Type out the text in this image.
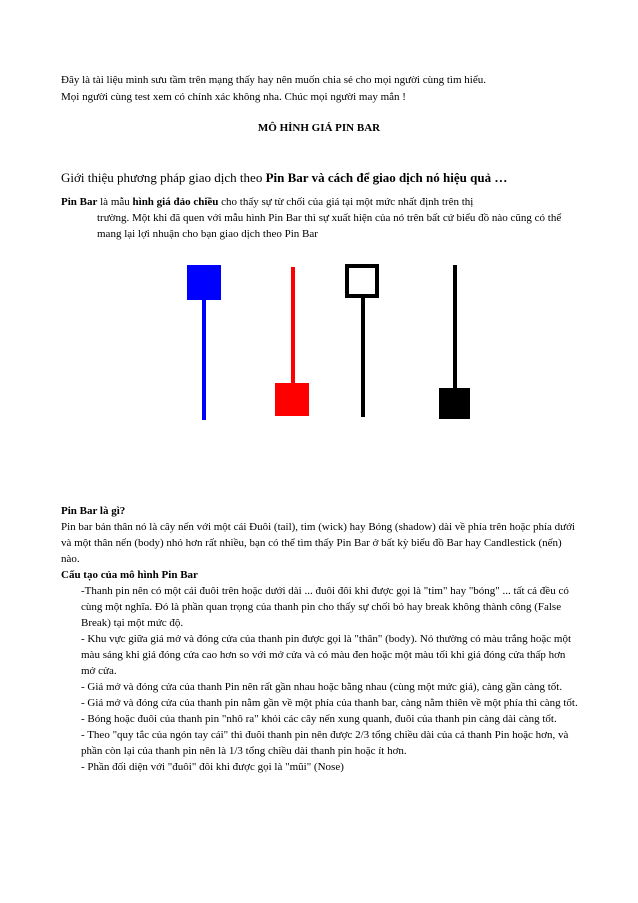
Đây là tài liệu mình sưu tầm trên mạng thấy hay nên muốn chia sẻ cho mọi người cùng tìm hiểu.
Mọi người cùng test xem có chính xác không nha. Chúc mọi người may mắn !
MÔ HÌNH GIÁ PIN BAR
Giới thiệu phương pháp giao dịch theo Pin Bar và cách để giao dịch nó hiệu quả …
Pin Bar là mẫu hình giá đảo chiều cho thấy sự từ chối của giá tại một mức nhất định trên thị
trường. Một khi đã quen với mẫu hình Pin Bar thì sự xuất hiện của nó trên bất cứ biểu đồ nào cũng có thể mang lại lợi nhuận cho bạn giao dịch theo Pin Bar
Pin Bar là gì?
Pin bar bản thân nó là cây nến với một cái Đuôi (tail), tim (wick) hay Bóng (shadow) dài về phía trên hoặc phía dưới và một thân nến (body) nhỏ hơn rất nhiều, bạn có thể tìm thấy Pin Bar ở bất kỳ biểu đồ Bar hay Candlestick (nến) nào.
Cấu tạo của mô hình Pin Bar
-Thanh pin nên có một cái đuôi trên hoặc dưới dài ... đuôi đôi khi được gọi là "tim" hay "bóng" ... tất cả đều có cùng một nghĩa. Đó là phần quan trọng của thanh pin cho thấy sự chối bỏ hay break không thành công (False Break) tại một mức độ.
- Khu vực giữa giá mở và đóng cửa của thanh pin được gọi là "thân" (body). Nó thường có màu trắng hoặc một màu sáng khi giá đóng cửa cao hơn so với mở cửa và có màu đen hoặc một màu tối khi giá đóng cửa thấp hơn mở cửa.
- Giá mở và đóng cửa của thanh Pin nên rất gần nhau hoặc bằng nhau (cùng một mức giá), càng gần càng tốt.
- Giá mở và đóng cửa của thanh pin nằm gần về một phía của thanh bar, càng nằm thiên về một phía thì càng tốt.
- Bóng hoặc đuôi của thanh pin "nhô ra" khỏi các cây nến xung quanh, đuôi của thanh pin càng dài càng tốt.
- Theo "quy tắc của ngón tay cái" thì đuôi thanh pin nên được 2/3 tổng chiều dài của cả thanh Pin hoặc hơn, và phần còn lại của thanh pin nên là 1/3 tổng chiều dài thanh pin hoặc ít hơn.
- Phần đối diện với "đuôi" đôi khi được gọi là "mũi" (Nose)
